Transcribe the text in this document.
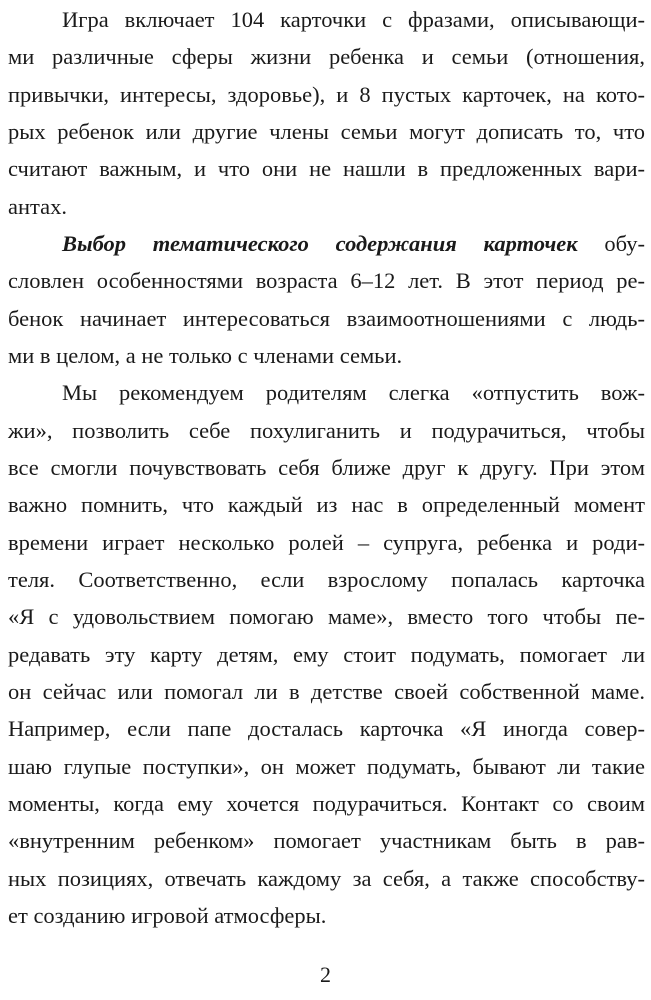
Игра включает 104 карточки с фразами, описывающи-
ми различные сферы жизни ребенка и семьи (отношения,
привычки, интересы, здоровье), и 8 пустых карточек, на кото-
рых ребенок или другие члены семьи могут дописать то, что
считают важным, и что они не нашли в предложенных вари-
антах.
Выбор тематического содержания карточек обу-
словлен особенностями возраста 6–12 лет. В этот период ре-
бенок начинает интересоваться взаимоотношениями с людь-
ми в целом, а не только с членами семьи.
Мы рекомендуем родителям слегка «отпустить вож-
жи», позволить себе похулиганить и подурачиться, чтобы
все смогли почувствовать себя ближе друг к другу. При этом
важно помнить, что каждый из нас в определенный момент
времени играет несколько ролей – супруга, ребенка и роди-
теля. Соответственно, если взрослому попалась карточка
«Я с удовольствием помогаю маме», вместо того чтобы пе-
редавать эту карту детям, ему стоит подумать, помогает ли
он сейчас или помогал ли в детстве своей собственной маме.
Например, если папе досталась карточка «Я иногда совер-
шаю глупые поступки», он может подумать, бывают ли такие
моменты, когда ему хочется подурачиться. Контакт со своим
«внутренним ребенком» помогает участникам быть в рав-
ных позициях, отвечать каждому за себя, а также способству-
ет созданию игровой атмосферы.
2
